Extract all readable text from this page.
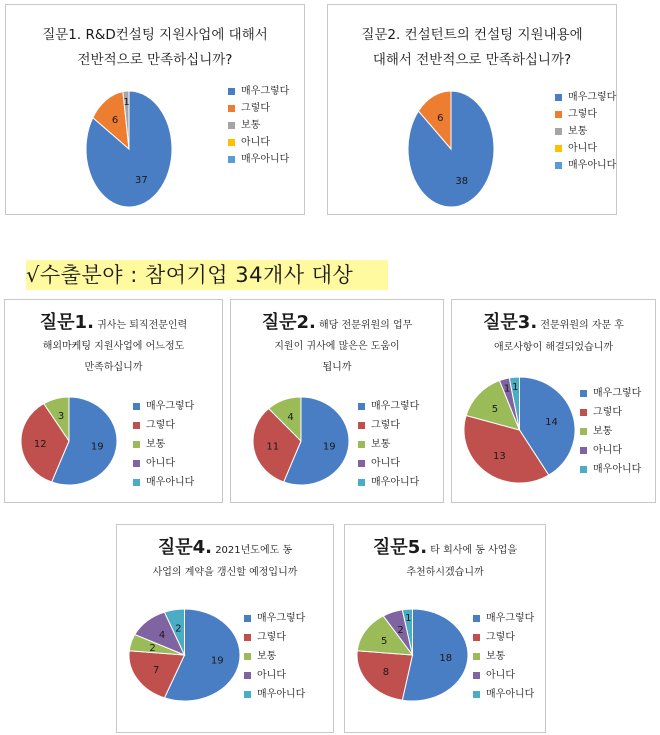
질문1. R&D컨설팅 지원사업에 대해서
전반적으로 만족하십니까?
37
6
1
매우그렇다
그렇다
보통
아니다
매우아니다
질문2. 컨설턴트의 컨설팅 지원내용에
대해서 전반적으로 만족하십니까?
38
6
매우그렇다
그렇다
보통
아니다
매우아니다
√수출분야 : 참여기업 34개사 대상
질문1. 귀사는 퇴직전문인력
해외마케팅 지원사업에 어느정도
만족하십니까
19
12
3
매우그렇다
그렇다
보통
아니다
매우아니다
질문2. 해당 전문위원의 업무
지원이 귀사에 많은은 도움이
됩니까
19
11
4
매우그렇다
그렇다
보통
아니다
매우아니다
질문3. 전문위원의 자문 후
애로사항이 해결되었습니까
14
13
5
1 1
매우그렇다
그렇다
보통
아니다
매우아니다
질문4. 2021년도에도 동
사업의 계약을 갱신할 예정입니까
19
7
2
4
2
매우그렇다
그렇다
보통
아니다
매우아니다
질문5. 타 회사에 동 사업을
추천하시겠습니까
18
8
5
2
1	매우그렇다
그렇다
보통
아니다
매우아니다
